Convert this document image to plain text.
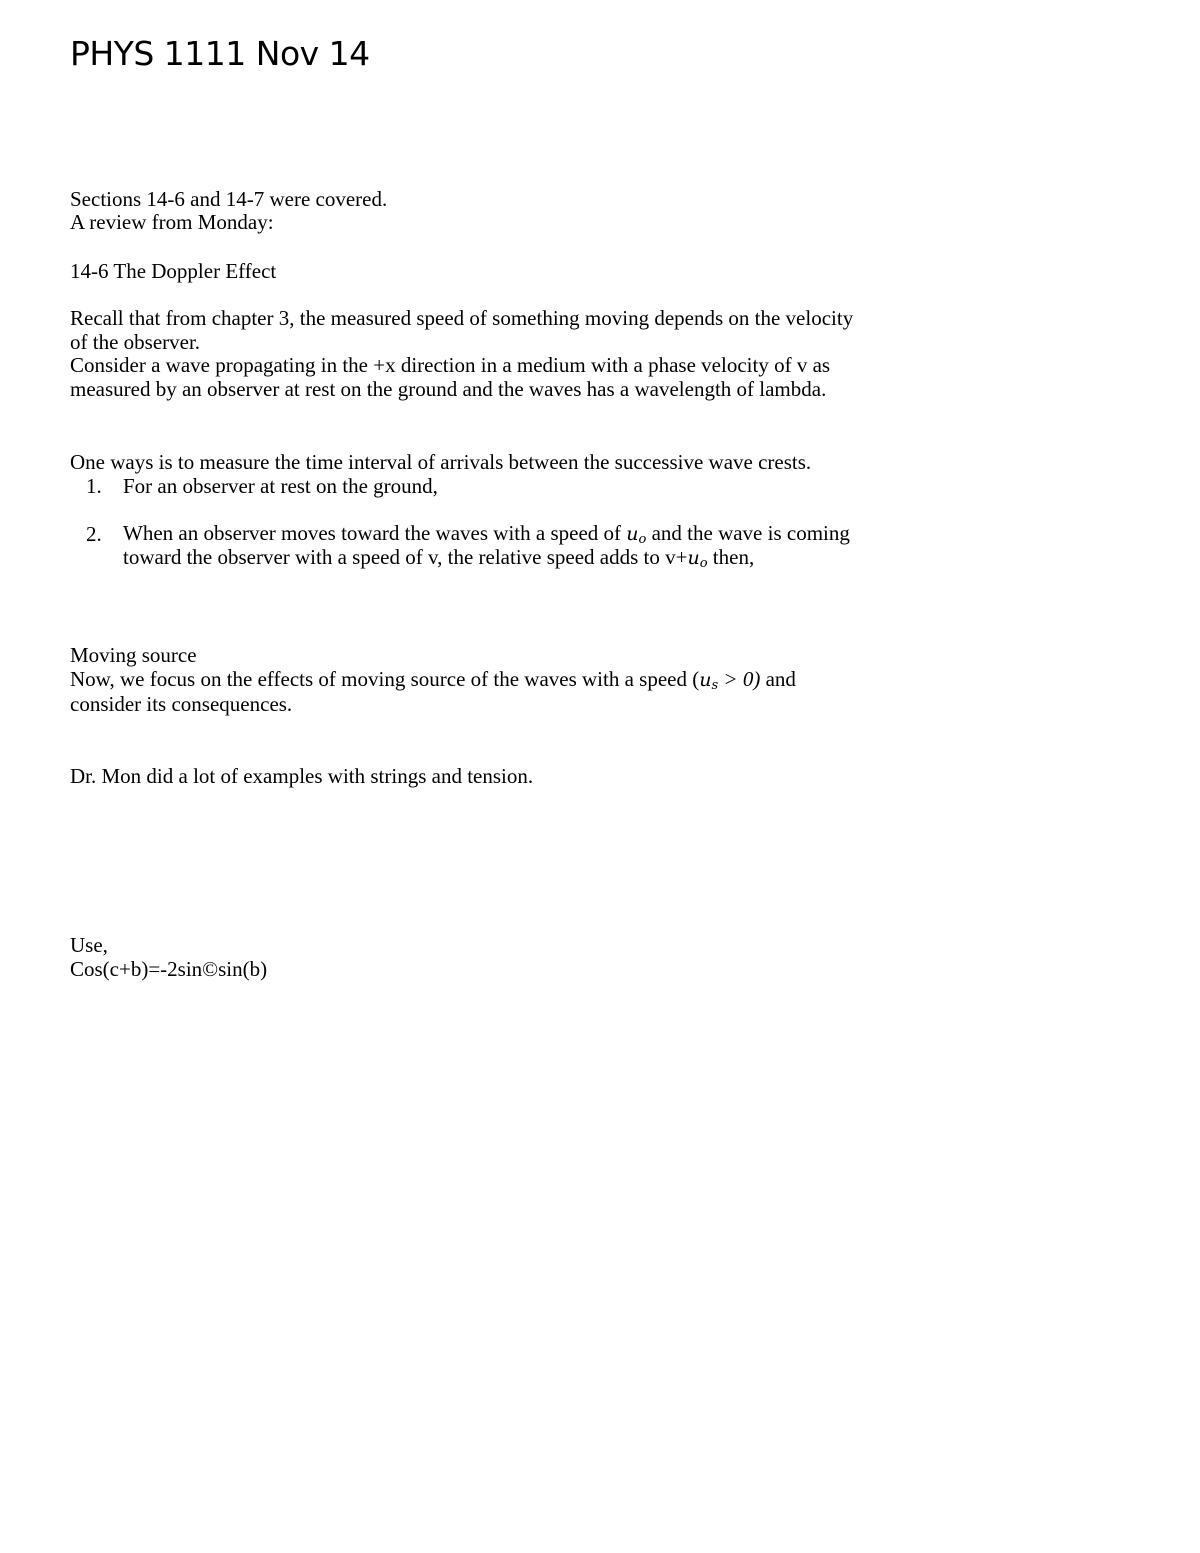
PHYS 1111 Nov 14
Sections 14-6 and 14-7 were covered.
A review from Monday:
14-6 The Doppler Effect
Recall that from chapter 3, the measured speed of something moving depends on the velocity
of the observer.
Consider a wave propagating in the +x direction in a medium with a phase velocity of v as
measured by an observer at rest on the ground and the waves has a wavelength of lambda.
One ways is to measure the time interval of arrivals between the successive wave crests.
1. For an observer at rest on the ground,
2. When an observer moves toward the waves with a speed of $u_o$ and the wave is coming
toward the observer with a speed of v, the relative speed adds to $v+u_o$ then,
Moving source
Now, we focus on the effects of moving source of the waves with a speed $(u_s > 0)$ and
consider its consequences.
Dr. Mon did a lot of examples with strings and tension.
Use,
Cos(c+b)=-2sin©sin(b)
